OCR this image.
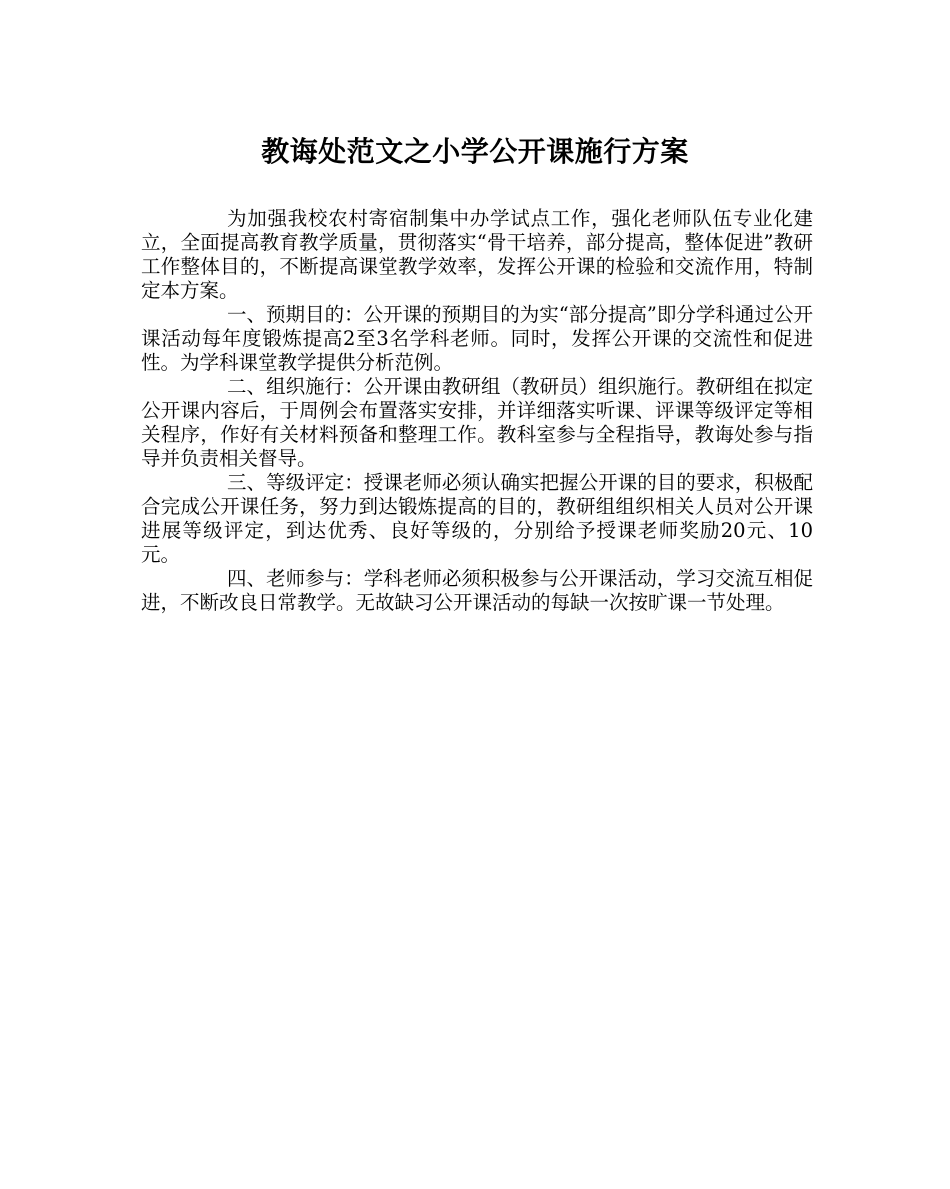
教诲处范文之小学公开课施行方案

为加强我校农村寄宿制集中办学试点工作，强化老师队伍专业化建立，全面提高教育教学质量，贯彻落实“骨干培养，部分提高，整体促进”教研工作整体目的，不断提高课堂教学效率，发挥公开课的检验和交流作用，特制定本方案。

一、预期目的：公开课的预期目的为实“部分提高”即分学科通过公开课活动每年度锻炼提高2至3名学科老师。同时，发挥公开课的交流性和促进性。为学科课堂教学提供分析范例。

二、组织施行：公开课由教研组（教研员）组织施行。教研组在拟定公开课内容后，于周例会布置落实安排，并详细落实听课、评课等级评定等相关程序，作好有关材料预备和整理工作。教科室参与全程指导，教诲处参与指导并负责相关督导。

三、等级评定：授课老师必须认确实把握公开课的目的要求，积极配合完成公开课任务，努力到达锻炼提高的目的，教研组组织相关人员对公开课进展等级评定，到达优秀、良好等级的，分别给予授课老师奖励20元、10元。

四、老师参与：学科老师必须积极参与公开课活动，学习交流互相促进，不断改良日常教学。无故缺习公开课活动的每缺一次按旷课一节处理。
